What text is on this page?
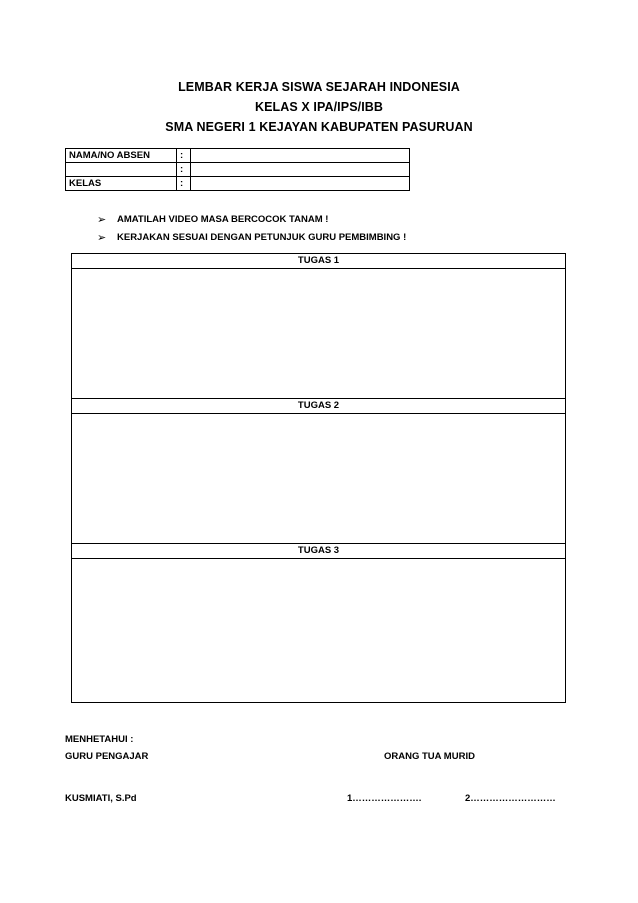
LEMBAR KERJA SISWA SEJARAH INDONESIA
KELAS X IPA/IPS/IBB
SMA NEGERI 1 KEJAYAN KABUPATEN PASURUAN
NAMA/NO ABSEN	:	
	:	
KELAS	:	
➢ AMATILAH VIDEO MASA BERCOCOK TANAM !
➢ KERJAKAN SESUAI DENGAN PETUNJUK GURU PEMBIMBING !
TUGAS 1
TUGAS 2
TUGAS 3
MENHETAHUI :
GURU PENGAJAR	ORANG TUA MURID
KUSMIATI, S.Pd	1………………….	2………………………
